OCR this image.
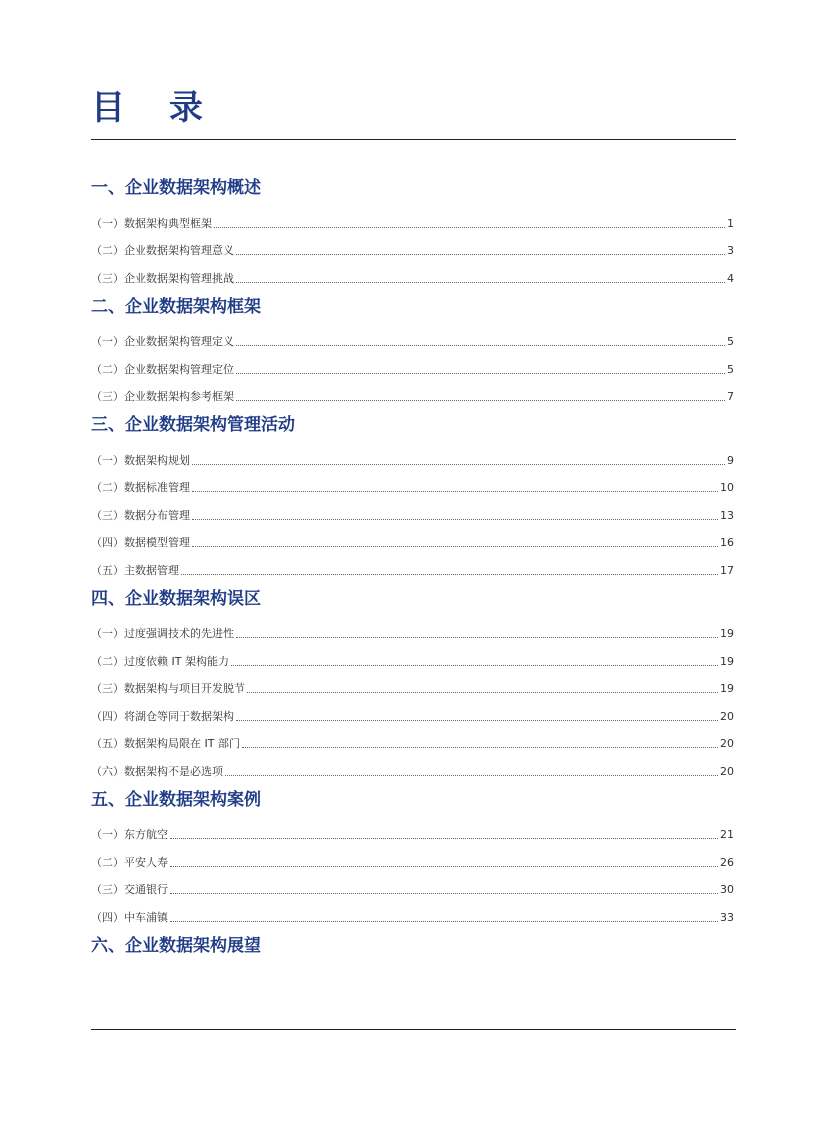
目 录
一、企业数据架构概述
（一）数据架构典型框架	1
（二）企业数据架构管理意义	3
（三）企业数据架构管理挑战	4
二、企业数据架构框架
（一）企业数据架构管理定义	5
（二）企业数据架构管理定位	5
（三）企业数据架构参考框架	7
三、企业数据架构管理活动
（一）数据架构规划	9
（二）数据标准管理	10
（三）数据分布管理	13
（四）数据模型管理	16
（五）主数据管理	17
四、企业数据架构误区
（一）过度强调技术的先进性	19
（二）过度依赖 IT 架构能力	19
（三）数据架构与项目开发脱节	19
（四）将湖仓等同于数据架构	20
（五）数据架构局限在 IT 部门	20
（六）数据架构不是必选项	20
五、企业数据架构案例
（一）东方航空	21
（二）平安人寿	26
（三）交通银行	30
（四）中车浦镇	33
六、企业数据架构展望
